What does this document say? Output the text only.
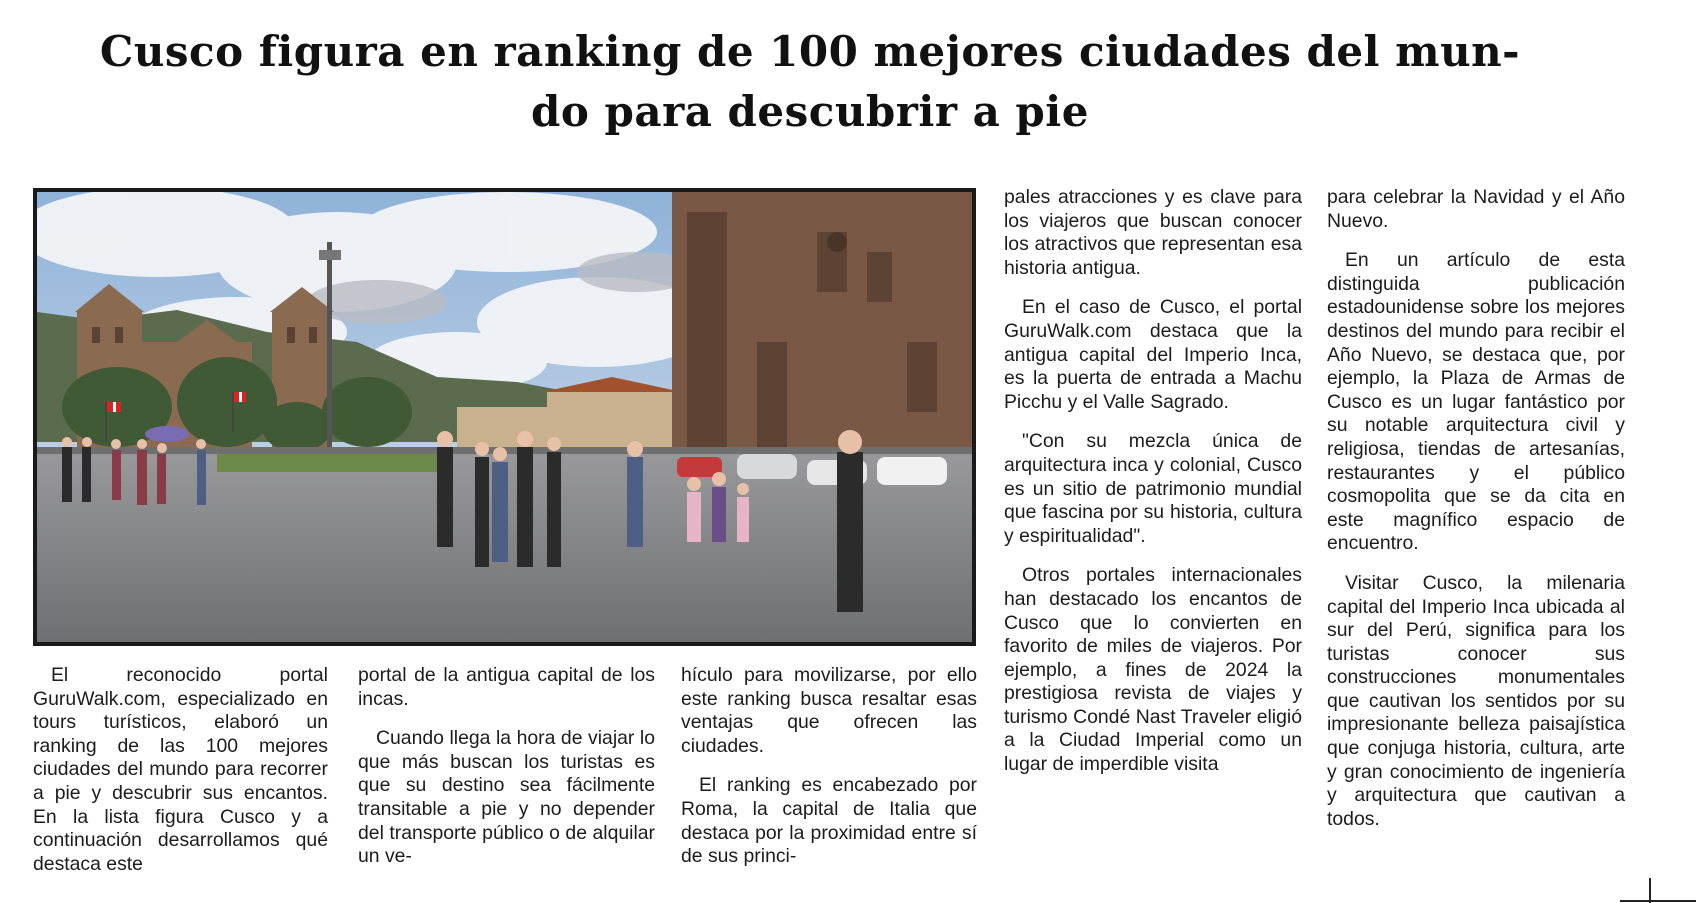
Cusco figura en ranking de 100 mejores ciudades del mun-
do para descubrir a pie

El reconocido portal GuruWalk.com, especializado en tours turísticos, elaboró un ranking de las 100 mejores ciudades del mundo para recorrer a pie y descubrir sus encantos. En la lista figura Cusco y a continuación desarrollamos qué destaca este

portal de la antigua capital de los incas.

Cuando llega la hora de viajar lo que más buscan los turistas es que su destino sea fácilmente transitable a pie y no depender del transporte público o de alquilar un ve-

hículo para movilizarse, por ello este ranking busca resaltar esas ventajas que ofrecen las ciudades.

El ranking es encabezado por Roma, la capital de Italia que destaca por la proximidad entre sí de sus princi-

pales atracciones y es clave para los viajeros que buscan conocer los atractivos que representan esa historia antigua.

En el caso de Cusco, el portal GuruWalk.com destaca que la antigua capital del Imperio Inca, es la puerta de entrada a Machu Picchu y el Valle Sagrado.

"Con su mezcla única de arquitectura inca y colonial, Cusco es un sitio de patrimonio mundial que fascina por su historia, cultura y espiritualidad".

Otros portales internacionales han destacado los encantos de Cusco que lo convierten en favorito de miles de viajeros. Por ejemplo, a fines de 2024 la prestigiosa revista de viajes y turismo Condé Nast Traveler eligió a la Ciudad Imperial como un lugar de imperdible visita

para celebrar la Navidad y el Año Nuevo.

En un artículo de esta distinguida publicación estadounidense sobre los mejores destinos del mundo para recibir el Año Nuevo, se destaca que, por ejemplo, la Plaza de Armas de Cusco es un lugar fantástico por su notable arquitectura civil y religiosa, tiendas de artesanías, restaurantes y el público cosmopolita que se da cita en este magnífico espacio de encuentro.

Visitar Cusco, la milenaria capital del Imperio Inca ubicada al sur del Perú, significa para los turistas conocer sus construcciones monumentales que cautivan los sentidos por su impresionante belleza paisajística que conjuga historia, cultura, arte y gran conocimiento de ingeniería y arquitectura que cautivan a todos.
